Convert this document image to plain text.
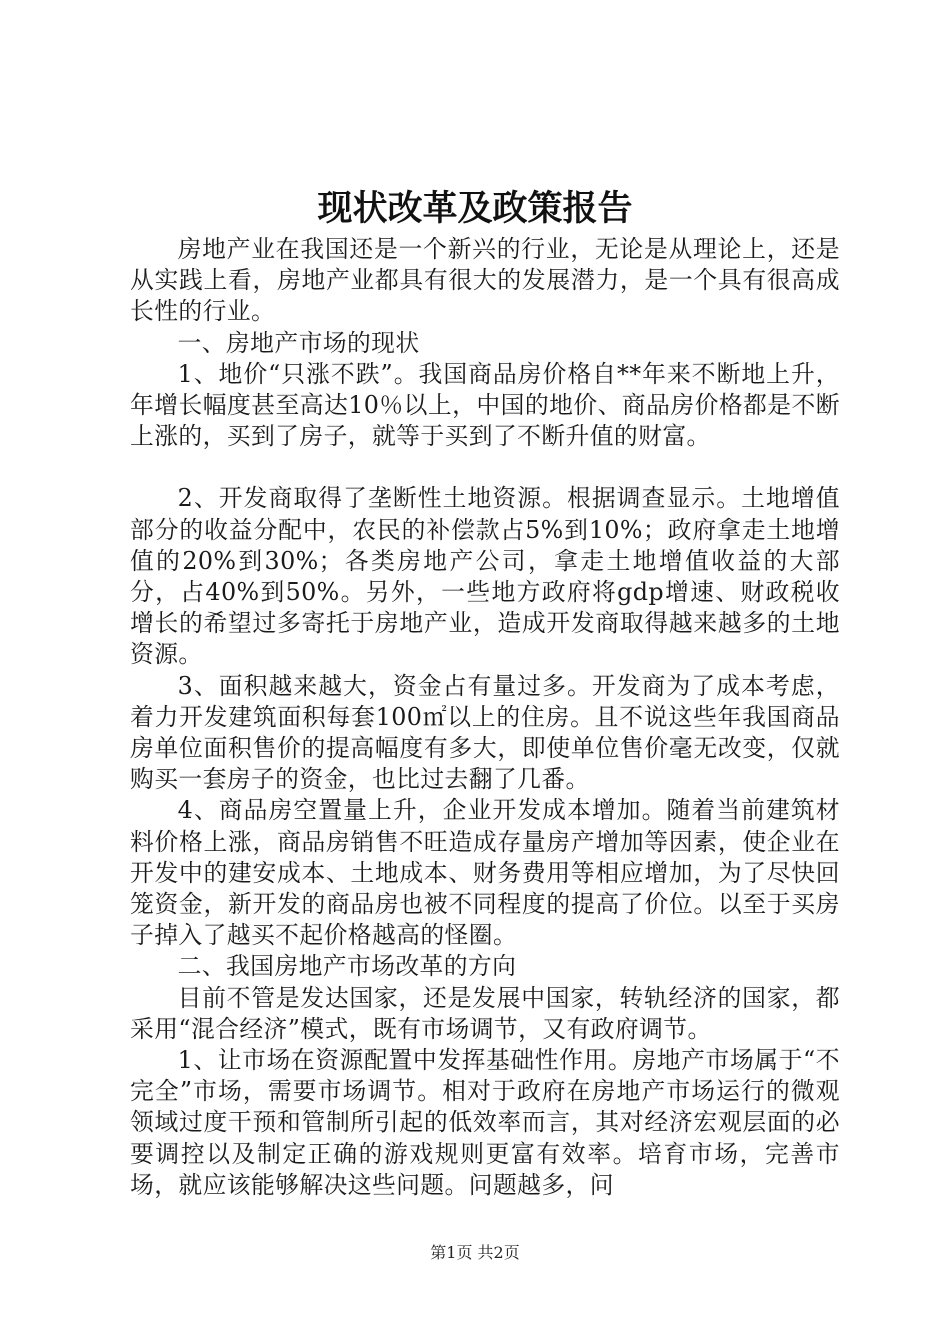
现状改革及政策报告

房地产业在我国还是一个新兴的行业，无论是从理论上，还是从实践上看，房地产业都具有很大的发展潜力，是一个具有很高成长性的行业。

一、房地产市场的现状

1、地价“只涨不跌”。我国商品房价格自**年来不断地上升，年增长幅度甚至高达10％以上，中国的地价、商品房价格都是不断上涨的，买到了房子，就等于买到了不断升值的财富。

2、开发商取得了垄断性土地资源。根据调查显示。土地增值部分的收益分配中，农民的补偿款占5%到10%；政府拿走土地增值的20%到30%；各类房地产公司，拿走土地增值收益的大部分，占40%到50%。另外，一些地方政府将gdp增速、财政税收增长的希望过多寄托于房地产业，造成开发商取得越来越多的土地资源。

3、面积越来越大，资金占有量过多。开发商为了成本考虑，着力开发建筑面积每套100㎡以上的住房。且不说这些年我国商品房单位面积售价的提高幅度有多大，即使单位售价毫无改变，仅就购买一套房子的资金，也比过去翻了几番。

4、商品房空置量上升，企业开发成本增加。随着当前建筑材料价格上涨，商品房销售不旺造成存量房产增加等因素，使企业在开发中的建安成本、土地成本、财务费用等相应增加，为了尽快回笼资金，新开发的商品房也被不同程度的提高了价位。以至于买房子掉入了越买不起价格越高的怪圈。

二、我国房地产市场改革的方向

目前不管是发达国家，还是发展中国家，转轨经济的国家，都采用“混合经济”模式，既有市场调节，又有政府调节。

1、让市场在资源配置中发挥基础性作用。房地产市场属于“不完全”市场，需要市场调节。相对于政府在房地产市场运行的微观领域过度干预和管制所引起的低效率而言，其对经济宏观层面的必要调控以及制定正确的游戏规则更富有效率。培育市场，完善市场，就应该能够解决这些问题。问题越多，问

第1页 共2页
